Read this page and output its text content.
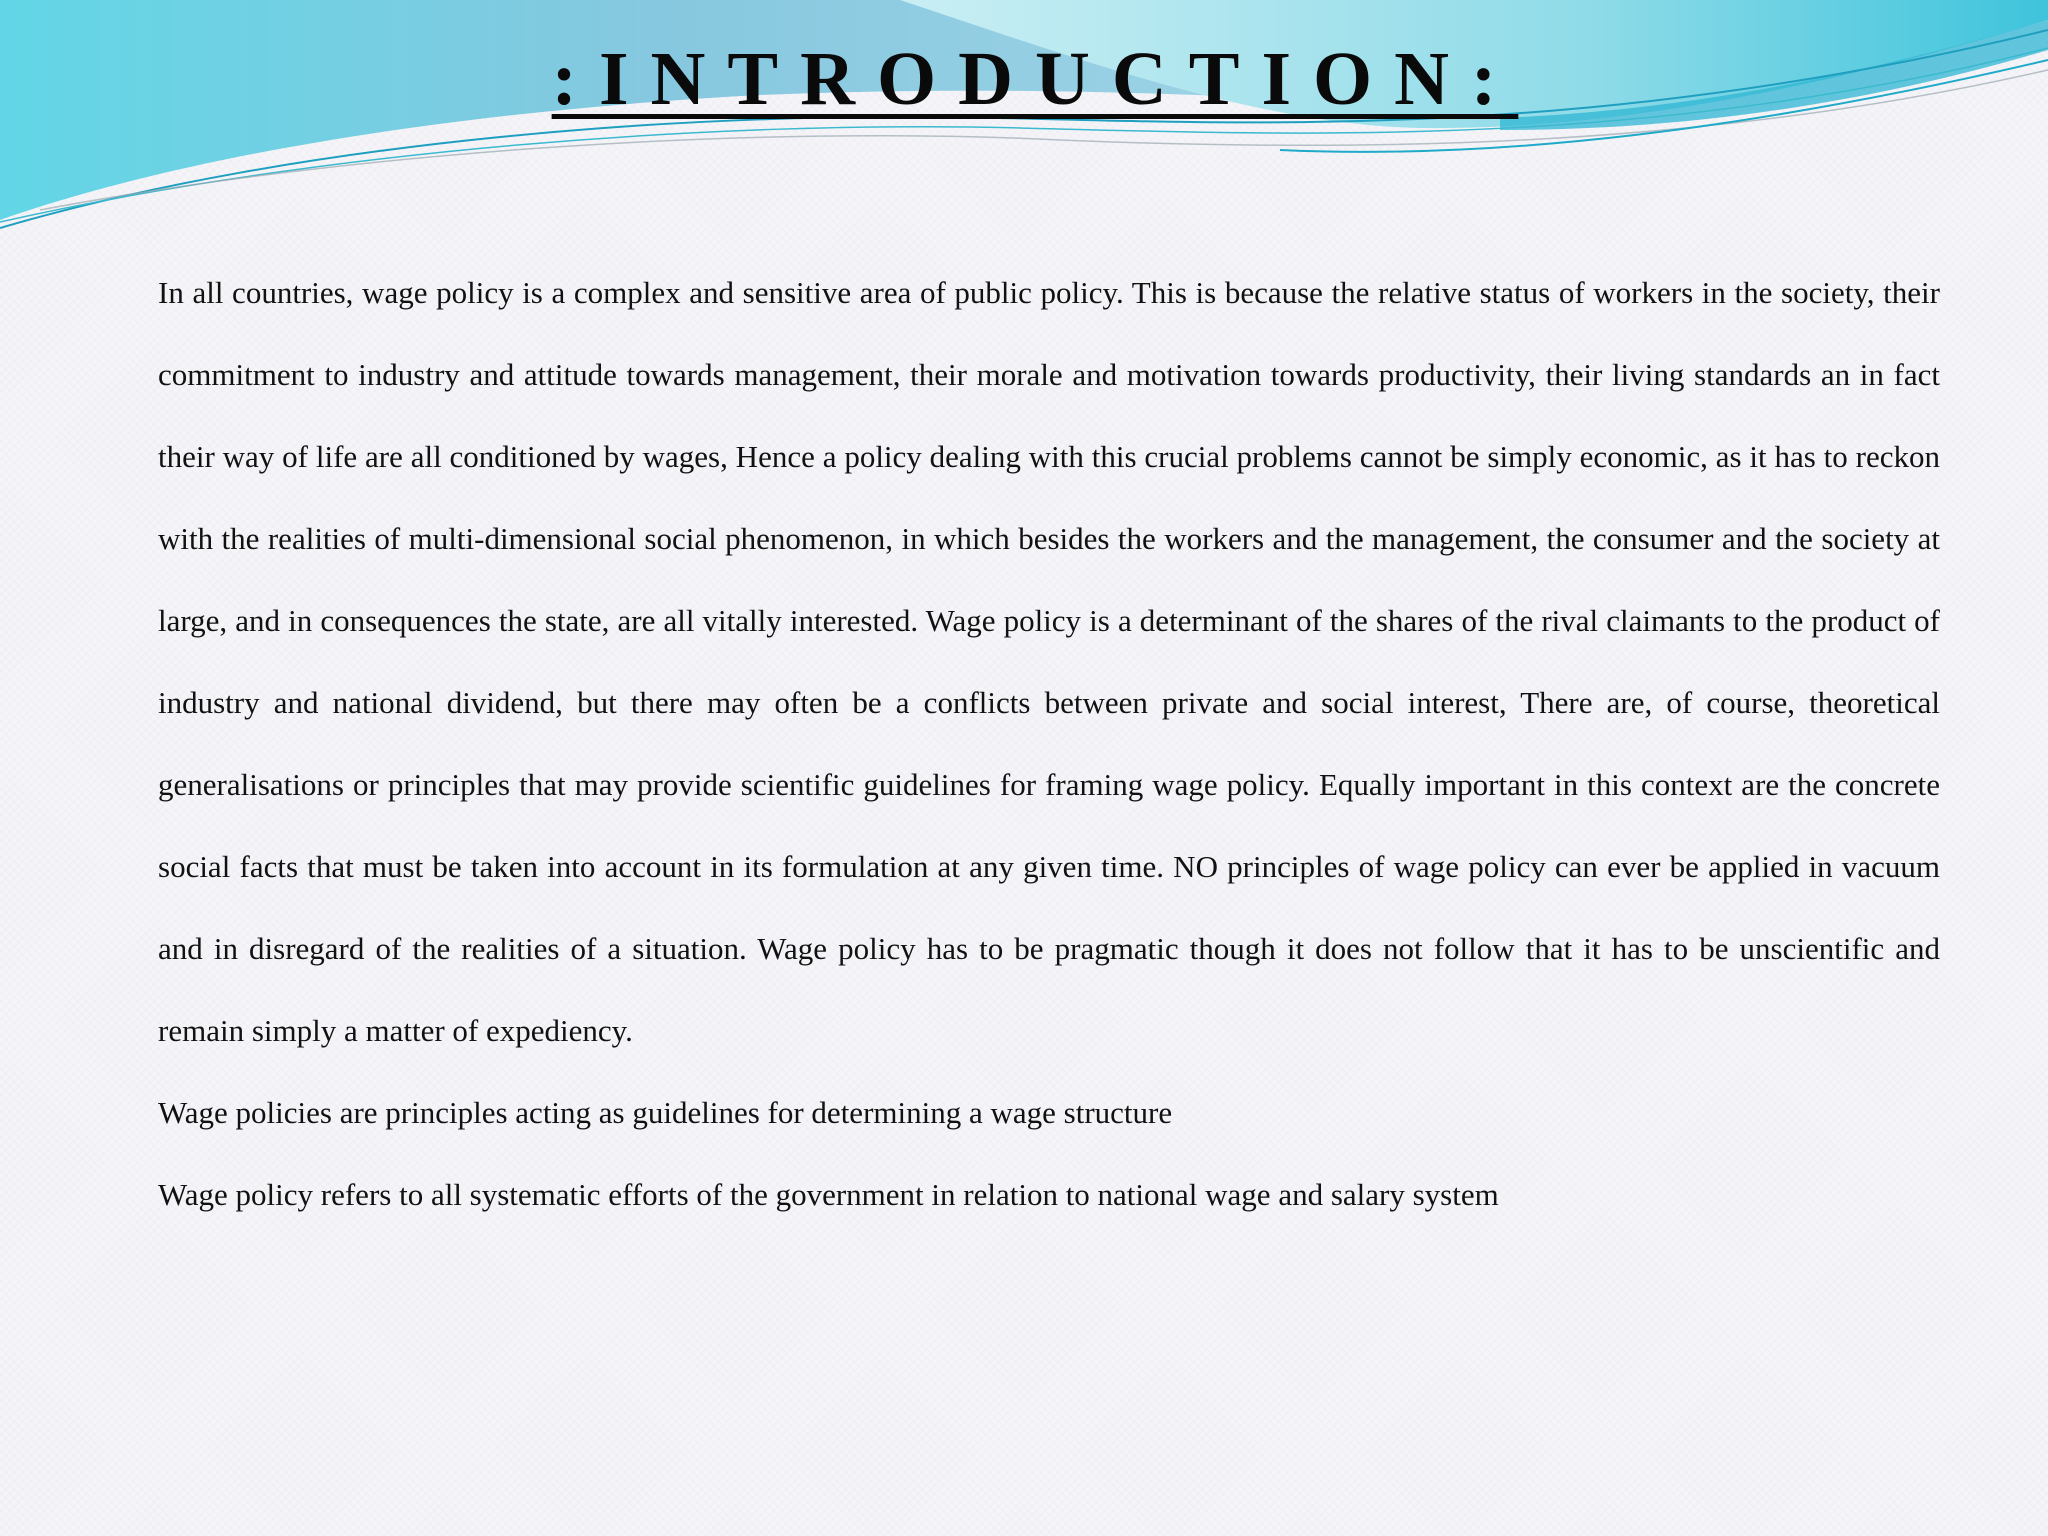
:INTRODUCTION:

In all countries, wage policy is a complex and sensitive area of public policy. This is because the relative status of workers in the society, their commitment to industry and attitude towards management, their morale and motivation towards productivity, their living standards an in fact their way of life are all conditioned by wages, Hence a policy dealing with this crucial problems cannot be simply economic, as it has to reckon with the realities of multi-dimensional social phenomenon, in which besides the workers and the management, the consumer and the society at large, and in consequences the state, are all vitally interested. Wage policy is a determinant of the shares of the rival claimants to the product of industry and national dividend, but there may often be a conflicts between private and social interest, There are, of course, theoretical generalisations or principles that may provide scientific guidelines for framing wage policy. Equally important in this context are the concrete social facts that must be taken into account in its formulation at any given time. NO principles of wage policy can ever be applied in vacuum and in disregard of the realities of a situation. Wage policy has to be pragmatic though it does not follow that it has to be unscientific and remain simply a matter of expediency.

Wage policies are principles acting as guidelines for determining a wage structure

Wage policy refers to all systematic efforts of the government in relation to national wage and salary system
